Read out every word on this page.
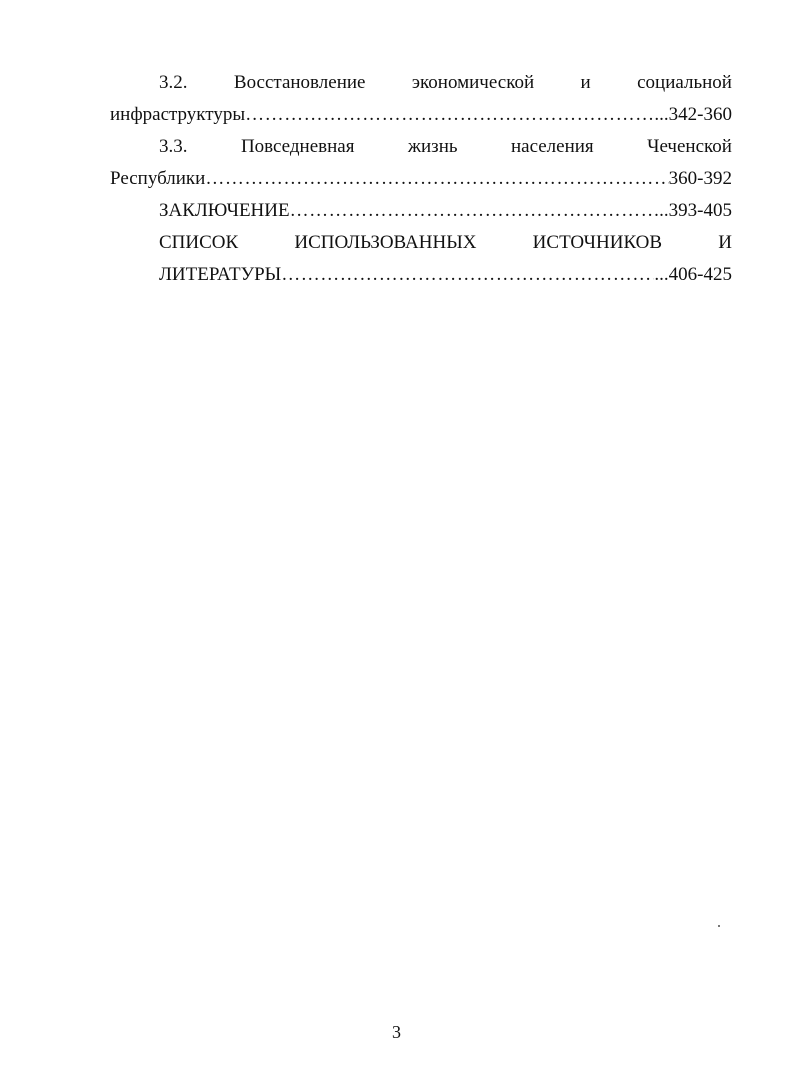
3.2. Восстановление экономической и социальной
инфраструктуры ………………………………………………………………………………………………………………………………………………………………	...342-360
3.3.	Повседневная	жизнь	населения	Чеченской
Республики ………………………………………………………………………………………………………………………………………………………………	360-392
ЗАКЛЮЧЕНИЕ ………………………………………………………………………………………………………………………………………………………………	..393-405
СПИСОК	ИСПОЛЬЗОВАННЫХ	ИСТОЧНИКОВ	И
ЛИТЕРАТУРЫ ………………………………………………………………………………………………………………………………………………………………	...406-425
3
